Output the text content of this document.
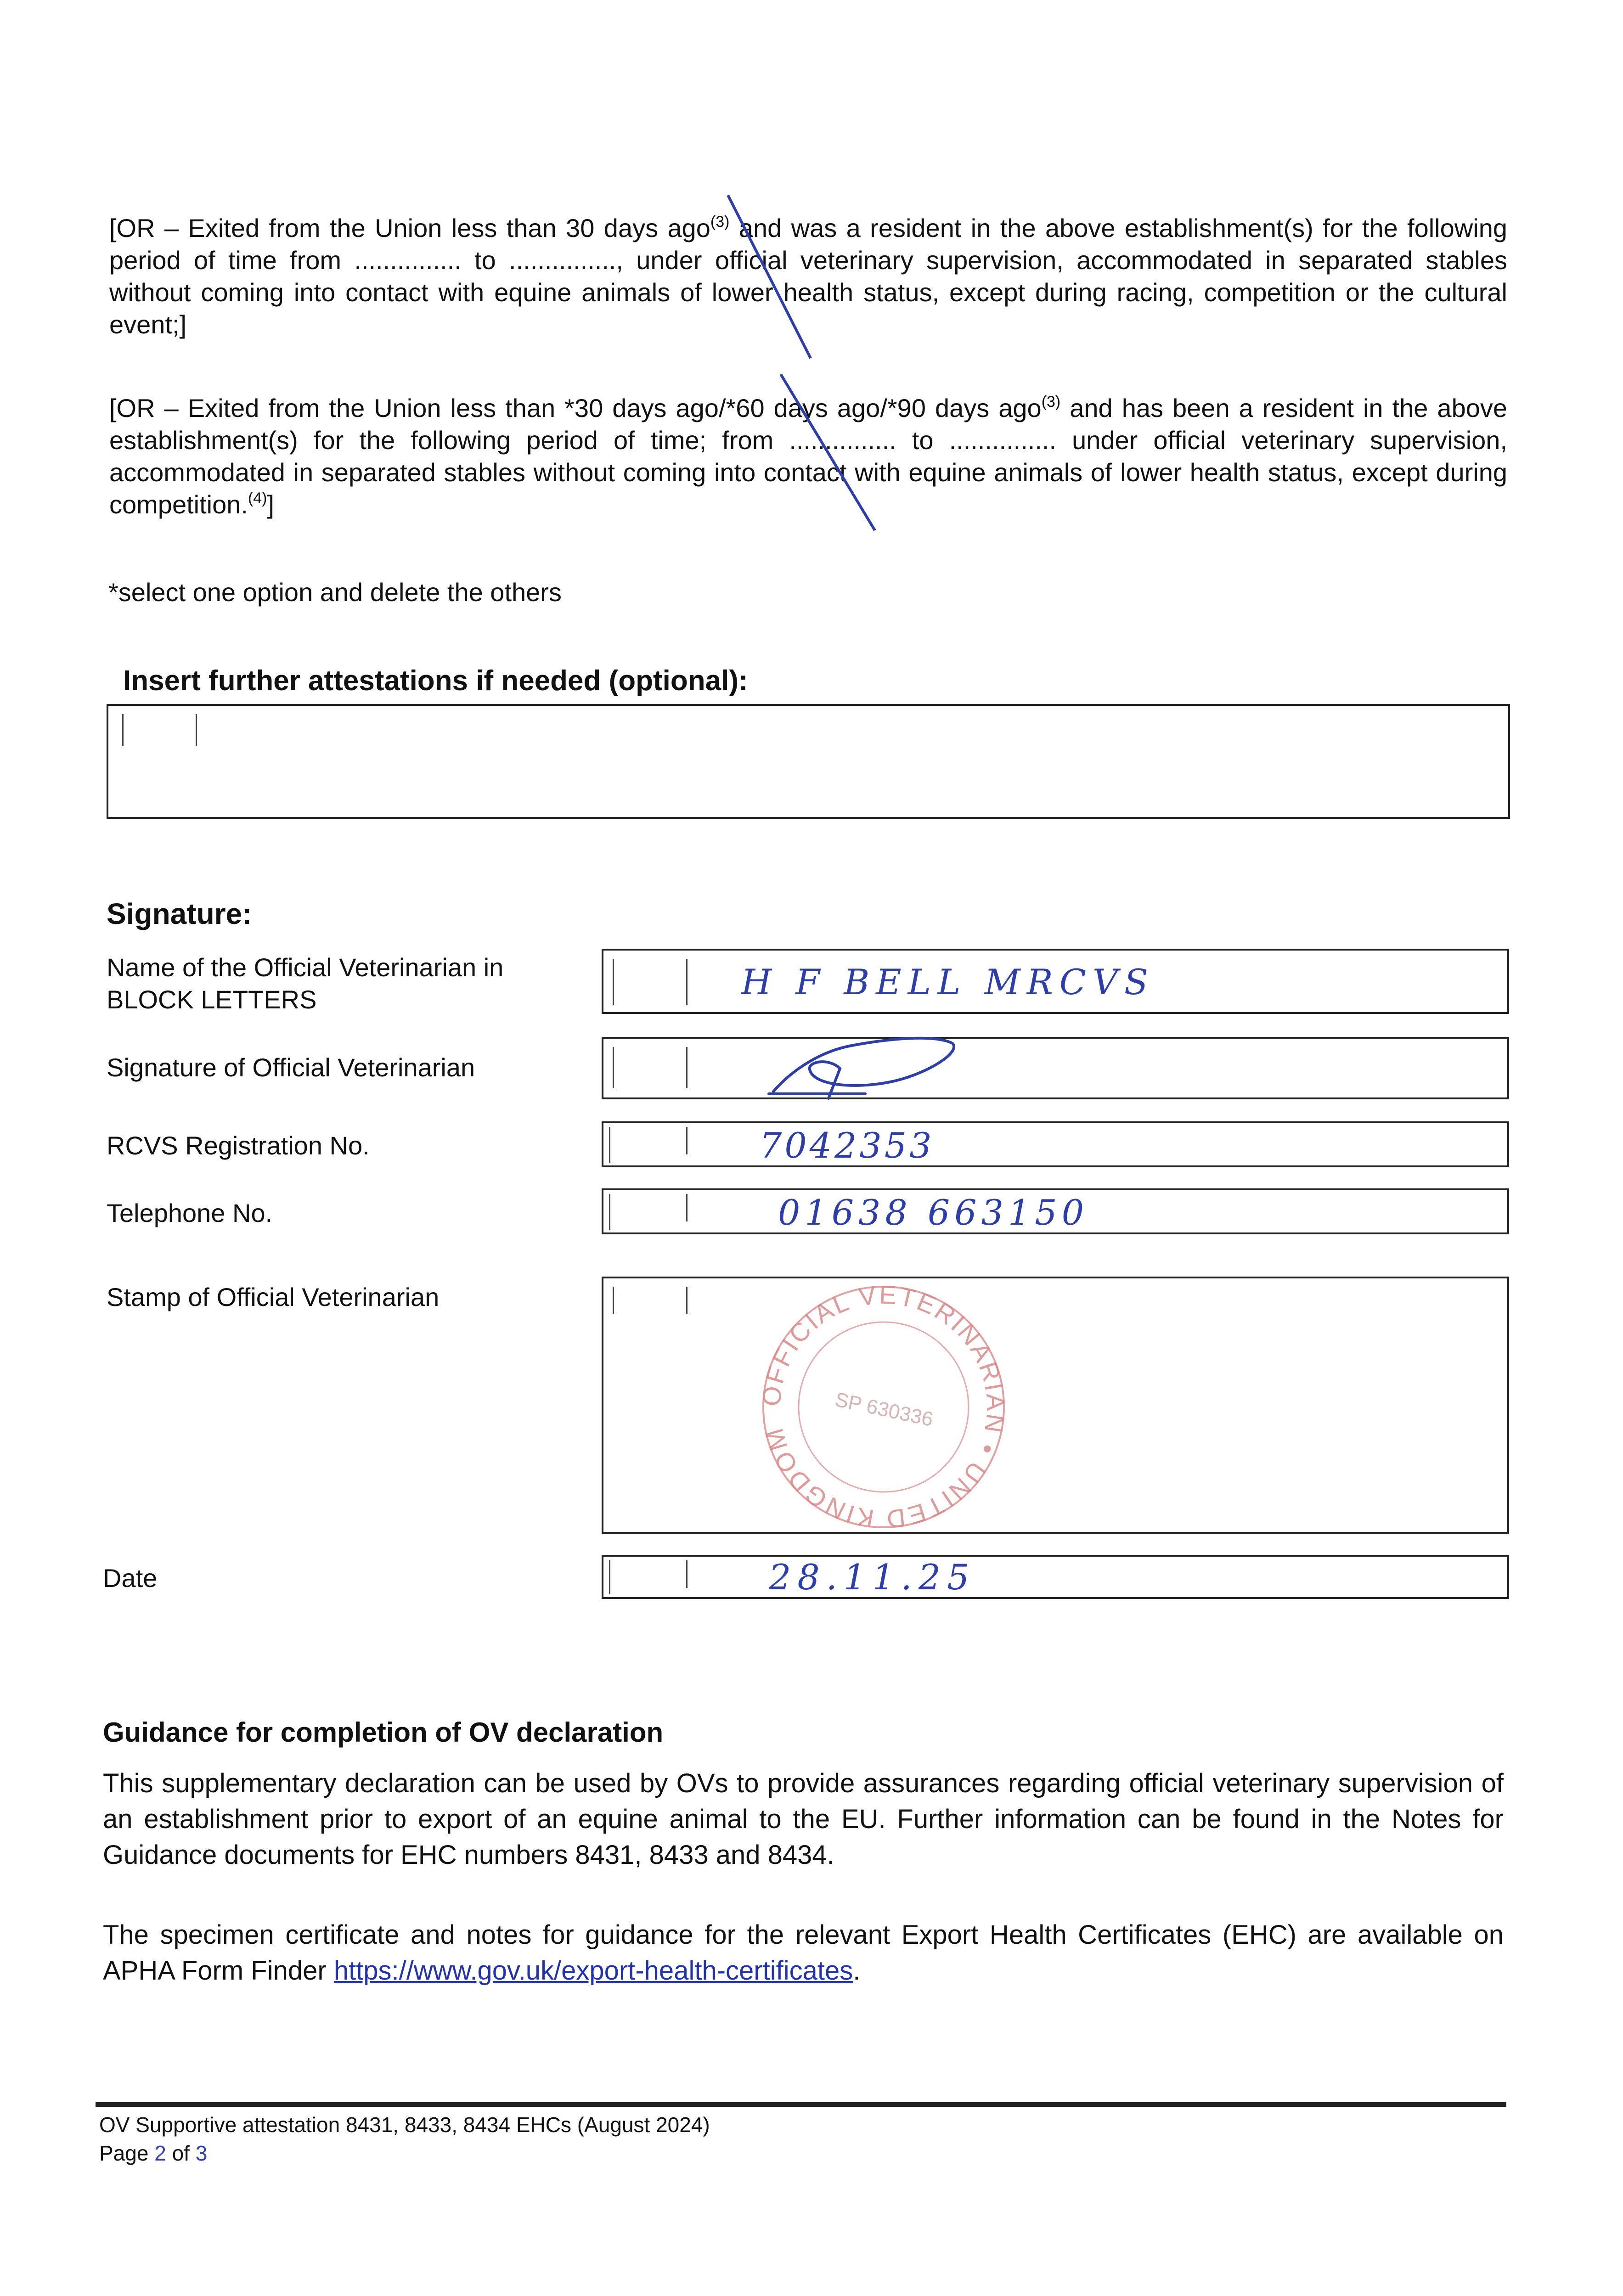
[OR – Exited from the Union less than 30 days ago$^{(3)}$ and was a resident in the above establishment(s) for the following period of time from ............... to ..............., under official veterinary supervision, accommodated in separated stables without coming into contact with equine animals of lower health status, except during racing, competition or the cultural event;]
[OR – Exited from the Union less than *30 days ago/*60 days ago/*90 days ago$^{(3)}$ and has been a resident in the above establishment(s) for the following period of time; from ............... to ............... under official veterinary supervision, accommodated in separated stables without coming into contact with equine animals of lower health status, except during competition.$^{(4)}$]
*select one option and delete the others
Insert further attestations if needed (optional):
Signature:
Name of the Official Veterinarian in BLOCK LETTERS	H F BELL MRCVS
Signature of Official Veterinarian
RCVS Registration No.	7042353
Telephone No.	01638 663150
Stamp of Official Veterinarian
OFFICIAL VETERINARIAN • UNITED KINGDOM
SP 630336
Date	28.11.25
Guidance for completion of OV declaration
This supplementary declaration can be used by OVs to provide assurances regarding official veterinary supervision of an establishment prior to export of an equine animal to the EU. Further information can be found in the Notes for Guidance documents for EHC numbers 8431, 8433 and 8434.
The specimen certificate and notes for guidance for the relevant Export Health Certificates (EHC) are available on APHA Form Finder https://www.gov.uk/export-health-certificates.
OV Supportive attestation 8431, 8433, 8434 EHCs (August 2024)
Page 2 of 3
